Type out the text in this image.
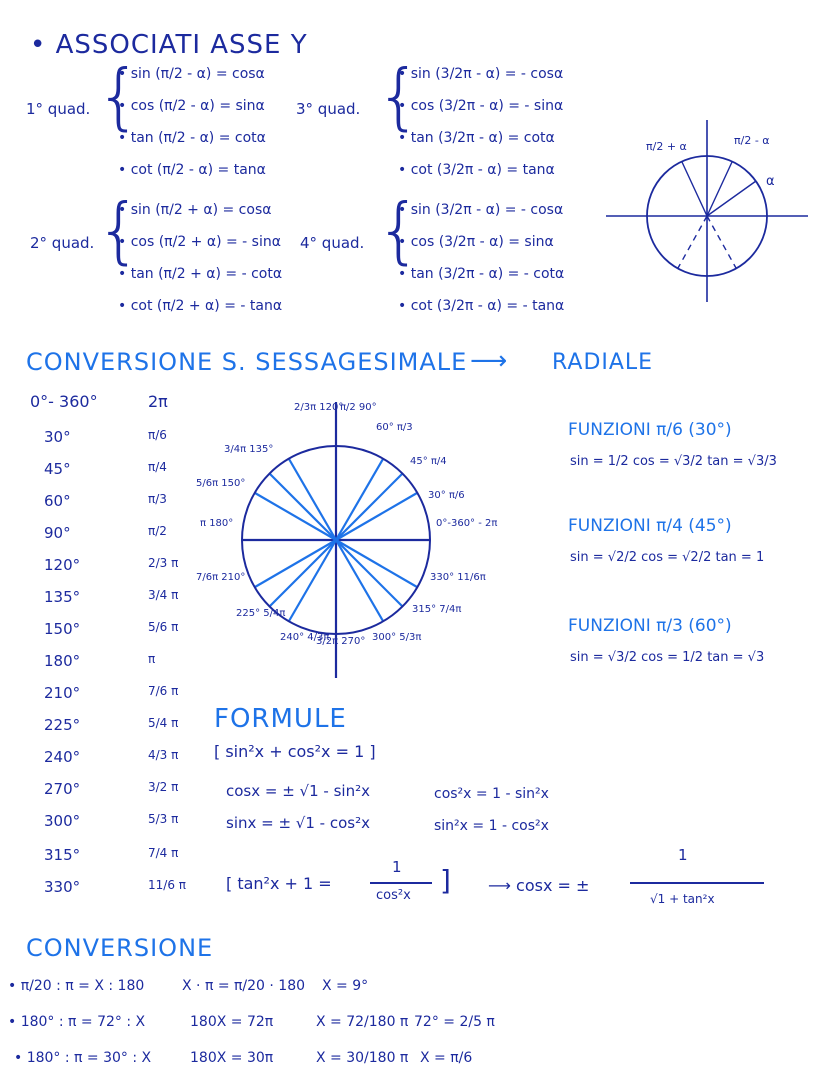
• ASSOCIATI ASSE Y
1° quad. {
• sin (π/2 - α) = cosα
• cos (π/2 - α) = sinα
• tan (π/2 - α) = cotα
• cot (π/2 - α) = tanα
2° quad. {
• sin (π/2 + α) = cosα
• cos (π/2 + α) = - sinα
• tan (π/2 + α) = - cotα
• cot (π/2 + α) = - tanα
3° quad. {
• sin (3/2π - α) = - cosα
• cos (3/2π - α) = - sinα
• tan (3/2π - α) = cotα
• cot (3/2π - α) = tanα
4° quad. {
• sin (3/2π - α) = - cosα
• cos (3/2π - α) = sinα
• tan (3/2π - α) = - cotα
• cot (3/2π - α) = - tanα
π/2 + α	π/2 - α
α
CONVERSIONE S. SESSAGESIMALE ⟶ RADIALE
0°- 360°	2π
30°	π/6
45°	π/4
60°	π/3
90°	π/2
120°	2/3 π
135°	3/4 π
150°	5/6 π
180°	π
210°	7/6 π
225°	5/4 π
240°	4/3 π
270°	3/2 π
300°	5/3 π
315°	7/4 π
330°	11/6 π
2/3π 120°
π/2 90°
60° π/3
3/4π 135°
45° π/4
5/6π 150°
30° π/6
π 180°	0°-360° - 2π
7/6π 210°	330° 11/6π
225° 5/4π	315° 7/4π
240° 4/3π
3/2π 270° 300° 5/3π
FUNZIONI π/6 (30°)
sin = 1/2 cos = √3/2 tan = √3/3
FUNZIONI π/4 (45°)
sin = √2/2 cos = √2/2 tan = 1
FUNZIONI π/3 (60°)
sin = √3/2 cos = 1/2 tan = √3
FORMULE
[ sin²x + cos²x = 1 ]
cosx = ± √1 - sin²x
sinx = ± √1 - cos²x
cos²x = 1 - sin²x
sin²x = 1 - cos²x
[ tan²x + 1 =
1
cos²x ] ⟶ cosx = ±
1
√1 + tan²x
CONVERSIONE
• π/20 : π = X : 180	X · π = π/20 · 180 X = 9°
• 180° : π = 72° : X	180X = 72π	X = 72/180 π 72° = 2/5 π
• 180° : π = 30° : X	180X = 30π	X = 30/180 π X = π/6
